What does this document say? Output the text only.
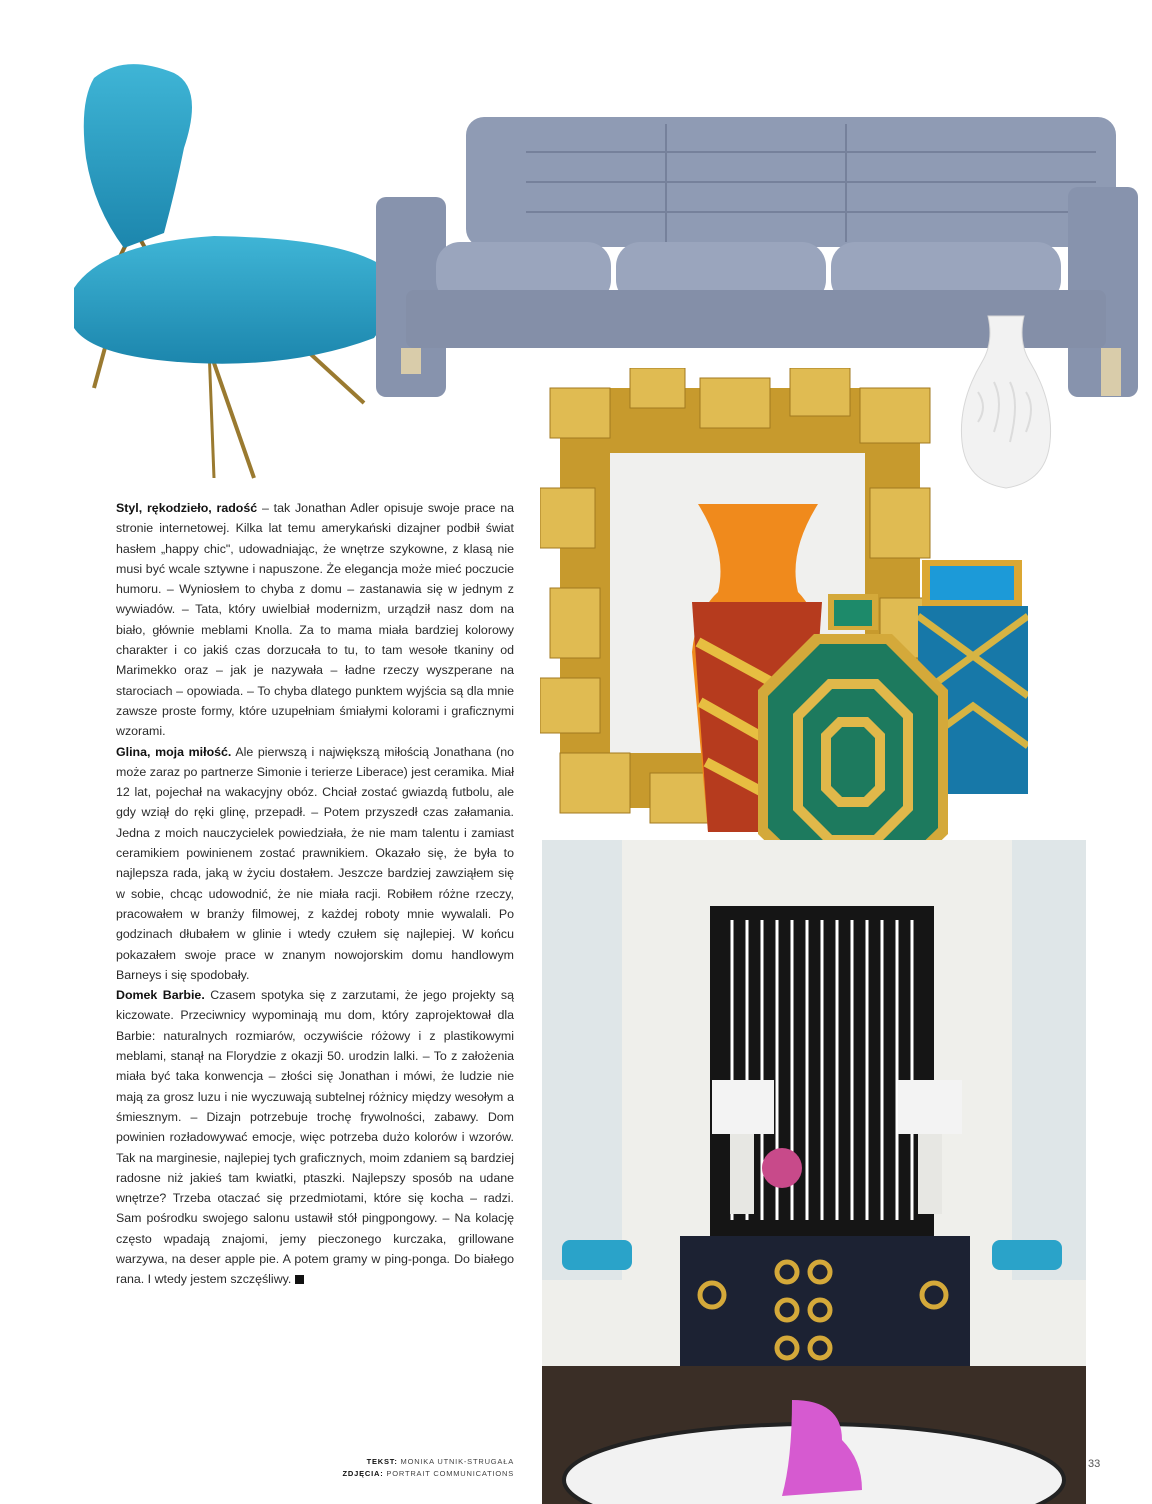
Styl, rękodzieło, radość – tak Jonathan Adler opisuje swoje prace na stronie internetowej. Kilka lat temu amerykański dizajner podbił świat hasłem „happy chic", udowadniając, że wnętrze szykowne, z klasą nie musi być wcale sztywne i napuszone. Że elegancja może mieć poczucie humoru. – Wyniosłem to chyba z domu – zastanawia się w jednym z wywiadów. – Tata, który uwielbiał modernizm, urządził nasz dom na biało, głównie meblami Knolla. Za to mama miała bardziej kolorowy charakter i co jakiś czas dorzucała to tu, to tam wesołe tkaniny od Marimekko oraz – jak je nazywała – ładne rzeczy wyszperane na starociach – opowiada. – To chyba dlatego punktem wyjścia są dla mnie zawsze proste formy, które uzupełniam śmiałymi kolorami i graficznymi wzorami.

Glina, moja miłość. Ale pierwszą i największą miłością Jonathana (no może zaraz po partnerze Simonie i terierze Liberace) jest ceramika. Miał 12 lat, pojechał na wakacyjny obóz. Chciał zostać gwiazdą futbolu, ale gdy wziął do ręki glinę, przepadł. – Potem przyszedł czas załamania. Jedna z moich nauczycielek powiedziała, że nie mam talentu i zamiast ceramikiem powinienem zostać prawnikiem. Okazało się, że była to najlepsza rada, jaką w życiu dostałem. Jeszcze bardziej zawziąłem się w sobie, chcąc udowodnić, że nie miała racji. Robiłem różne rzeczy, pracowałem w branży filmowej, z każdej roboty mnie wywalali. Po godzinach dłubałem w glinie i wtedy czułem się najlepiej. W końcu pokazałem swoje prace w znanym nowojorskim domu handlowym Barneys i się spodobały.

Domek Barbie. Czasem spotyka się z zarzutami, że jego projekty są kiczowate. Przeciwnicy wypominają mu dom, który zaprojektował dla Barbie: naturalnych rozmiarów, oczywiście różowy i z plastikowymi meblami, stanął na Florydzie z okazji 50. urodzin lalki. – To z założenia miała być taka konwencja – złości się Jonathan i mówi, że ludzie nie mają za grosz luzu i nie wyczuwają subtelnej różnicy między wesołym a śmiesznym. – Dizajn potrzebuje trochę frywolności, zabawy. Dom powinien rozładowywać emocje, więc potrzeba dużo kolorów i wzorów. Tak na marginesie, najlepiej tych graficznych, moim zdaniem są bardziej radosne niż jakieś tam kwiatki, ptaszki. Najlepszy sposób na udane wnętrze? Trzeba otaczać się przedmiotami, które się kocha – radzi. Sam pośrodku swojego salonu ustawił stół pingpongowy. – Na kolację często wpadają znajomi, jemy pieczonego kurczaka, grillowane warzywa, na deser apple pie. A potem gramy w ping-ponga. Do białego rana. I wtedy jestem szczęśliwy.

TEKST: MONIKA UTNIK-STRUGAŁA
ZDJĘCIA: PORTRAIT COMMUNICATIONS
33
